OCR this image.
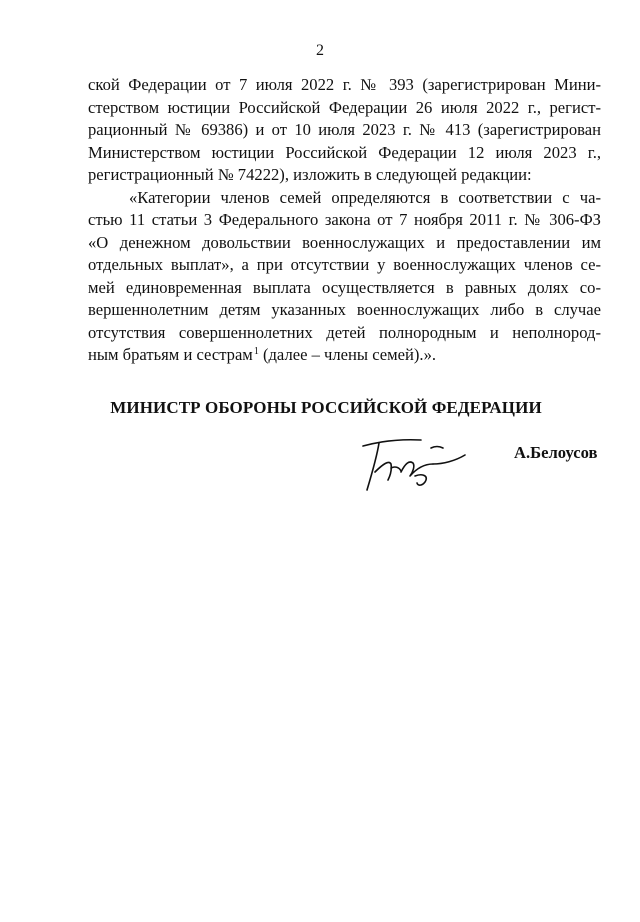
2
ской Федерации от 7 июля 2022 г. № 393 (зарегистрирован Мини-
стерством юстиции Российской Федерации 26 июля 2022 г., регист-
рационный № 69386) и от 10 июля 2023 г. № 413 (зарегистрирован
Министерством юстиции Российской Федерации 12 июля 2023 г.,
регистрационный № 74222), изложить в следующей редакции:
«Категории членов семей определяются в соответствии с ча-
стью 11 статьи 3 Федерального закона от 7 ноября 2011 г. № 306-ФЗ
«О денежном довольствии военнослужащих и предоставлении им
отдельных выплат», а при отсутствии у военнослужащих членов се-
мей единовременная выплата осуществляется в равных долях со-
вершеннолетним детям указанных военнослужащих либо в случае
отсутствия совершеннолетних детей полнородным и неполнород-
ным братьям и сестрам$^1$ (далее – члены семей).».
МИНИСТР ОБОРОНЫ РОССИЙСКОЙ ФЕДЕРАЦИИ
А.Белоусов
